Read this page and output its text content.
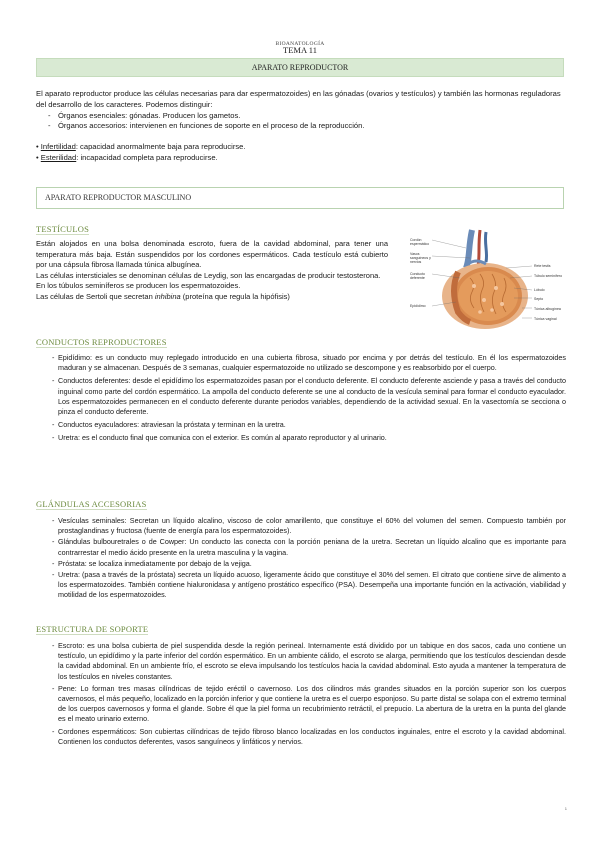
BIOANATOLOGÍA
TEMA 11
APARATO REPRODUCTOR

El aparato reproductor produce las células necesarias para dar espermatozoides) en las gónadas (ovarios y testículos) y también las hormonas reguladoras del desarrollo de los caracteres. Podemos distinguir:

- Órganos esenciales: gónadas. Producen los gametos.
- Órganos accesorios: intervienen en funciones de soporte en el proceso de la reproducción.
• Infertilidad: capacidad anormalmente baja para reproducirse.
• Esterilidad: incapacidad completa para reproducirse.
APARATO REPRODUCTOR MASCULINO
TESTÍCULOS

Están alojados en una bolsa denominada escroto, fuera de la cavidad abdominal, para tener una temperatura más baja. Están suspendidos por los cordones espermáticos. Cada testículo está cubierto por una cápsula fibrosa llamada túnica albugínea.

Las células intersticiales se denominan células de Leydig, son las encargadas de producir testosterona.

En los túbulos seminíferos se producen los espermatozoides.

Las células de Sertoli que secretan inhibina (proteína que regula la hipófisis)

Cordón espermático
Vasos sanguíneos y nervios
Conducto deferente
Epidídimo
Rete testis
Túbulo seminífero
Lóbulo
Septo
Túnica albugínea
Túnica vaginal
CONDUCTOS REPRODUCTORES
- Epidídimo: es un conducto muy replegado introducido en una cubierta fibrosa, situado por encima y por detrás del testículo. En él los espermatozoides maduran y se almacenan. Después de 3 semanas, cualquier espermatozoide no utilizado se descompone y es reabsorbido por el cuerpo.
- Conductos deferentes: desde el epidídimo los espermatozoides pasan por el conducto deferente. El conducto deferente asciende y pasa a través del conducto inguinal como parte del cordón espermático. La ampolla del conducto deferente se une al conducto de la vesícula seminal para formar el conducto eyaculador. Los espermatozoides permanecen en el conducto deferente durante periodos variables, dependiendo de la actividad sexual. En la vasectomía se secciona o pinza el conducto deferente.
- Conductos eyaculadores: atraviesan la próstata y terminan en la uretra.
- Uretra: es el conducto final que comunica con el exterior. Es común al aparato reproductor y al urinario.
GLÁNDULAS ACCESORIAS
- Vesículas seminales: Secretan un líquido alcalino, viscoso de color amarillento, que constituye el 60% del volumen del semen. Compuesto también por prostaglandinas y fructosa (fuente de energía para los espermatozoides).
- Glándulas bulbouretrales o de Cowper: Un conducto las conecta con la porción peniana de la uretra. Secretan un líquido alcalino que es importante para contrarrestar el medio ácido presente en la uretra masculina y la vagina.
- Próstata: se localiza inmediatamente por debajo de la vejiga.
- Uretra: (pasa a través de la próstata) secreta un líquido acuoso, ligeramente ácido que constituye el 30% del semen. El citrato que contiene sirve de alimento a los espermatozoides. También contiene hialuronidasa y antígeno prostático específico (PSA). Desempeña una importante función en la activación, viabilidad y motilidad de los espermatozoides.
ESTRUCTURA DE SOPORTE
- Escroto: es una bolsa cubierta de piel suspendida desde la región perineal. Internamente está dividido por un tabique en dos sacos, cada uno contiene un testículo, un epidídimo y la parte inferior del cordón espermático. En un ambiente cálido, el escroto se alarga, permitiendo que los testículos desciendan desde la cavidad abdominal. En un ambiente frío, el escroto se eleva impulsando los testículos hacia la cavidad abdominal. Esto ayuda a mantener la temperatura de los testículos en niveles constantes.
- Pene: Lo forman tres masas cilíndricas de tejido eréctil o cavernoso. Los dos cilindros más grandes situados en la porción superior son los cuerpos cavernosos, el más pequeño, localizado en la porción inferior y que contiene la uretra es el cuerpo esponjoso. Su parte distal se solapa con el extremo terminal de los cuerpos cavernosos y forma el glande. Sobre él que la piel forma un recubrimiento retráctil, el prepucio. La abertura de la uretra en la punta del glande es el meato urinario externo.
- Cordones espermáticos: Son cubiertas cilíndricas de tejido fibroso blanco localizadas en los conductos inguinales, entre el escroto y la cavidad abdominal. Contienen los conductos deferentes, vasos sanguíneos y linfáticos y nervios.
1
